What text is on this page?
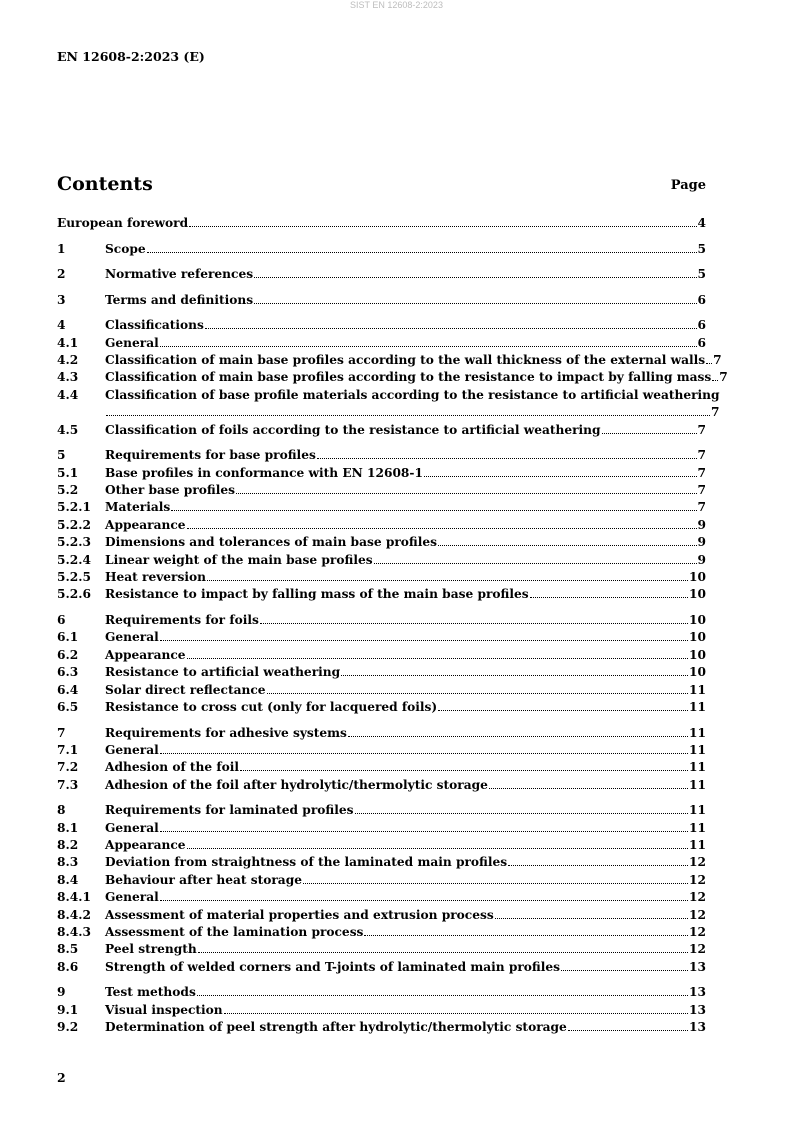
SIST EN 12608-2:2023
EN 12608-2:2023 (E)
Contents	Page
European foreword	4
1	Scope	5
2	Normative references	5
3	Terms and definitions	6
4	Classifications	6
4.1	General	6
4.2	Classification of main base profiles according to the wall thickness of the external walls 7
4.3	Classification of main base profiles according to the resistance to impact by falling mass 7
4.4	Classification of base profile materials according to the resistance to artificial weathering
7
4.5	Classification of foils according to the resistance to artificial weathering	7
5	Requirements for base profiles	7
5.1	Base profiles in conformance with EN 12608-1	7
5.2	Other base profiles	7
5.2.1	Materials	7
5.2.2	Appearance	9
5.2.3	Dimensions and tolerances of main base profiles	9
5.2.4	Linear weight of the main base profiles	9
5.2.5	Heat reversion	10
5.2.6	Resistance to impact by falling mass of the main base profiles	10
6	Requirements for foils	10
6.1	General	10
6.2	Appearance	10
6.3	Resistance to artificial weathering	10
6.4	Solar direct reflectance	11
6.5	Resistance to cross cut (only for lacquered foils)	11
7	Requirements for adhesive systems	11
7.1	General	11
7.2	Adhesion of the foil	11
7.3	Adhesion of the foil after hydrolytic/thermolytic storage	11
8	Requirements for laminated profiles	11
8.1	General	11
8.2	Appearance	11
8.3	Deviation from straightness of the laminated main profiles	12
8.4	Behaviour after heat storage	12
8.4.1	General	12
8.4.2	Assessment of material properties and extrusion process	12
8.4.3	Assessment of the lamination process	12
8.5	Peel strength	12
8.6	Strength of welded corners and T-joints of laminated main profiles	13
9	Test methods	13
9.1	Visual inspection	13
9.2	Determination of peel strength after hydrolytic/thermolytic storage	13
2
